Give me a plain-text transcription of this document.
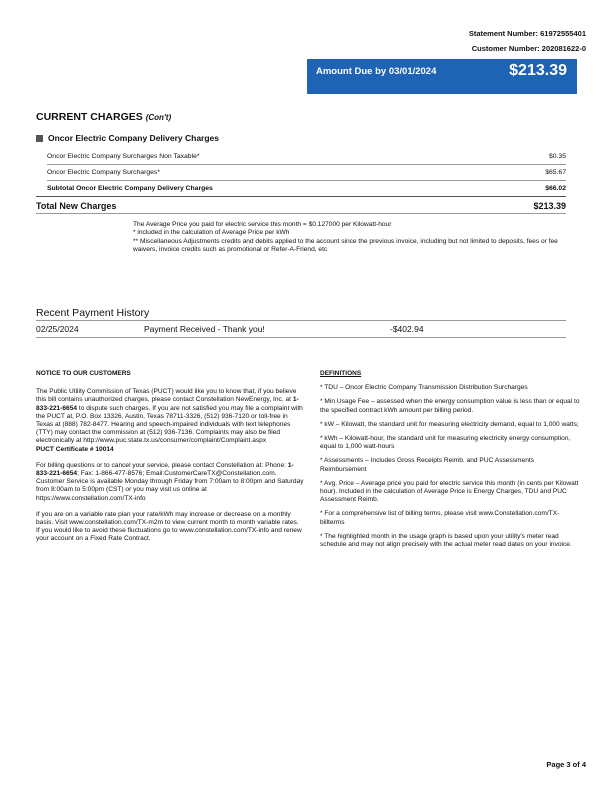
Statement Number: 61972555401
Customer Number: 202081622-0
Amount Due by 03/01/2024	$213.39
CURRENT CHARGES (Con't)
Oncor Electric Company Delivery Charges
Oncor Electric Company Surcharges Non Taxable*	$0.35
Oncor Electric Company Surcharges*	$65.67
Subtotal Oncor Electric Company Delivery Charges	$66.02
Total New Charges	$213.39
The Average Price you paid for electric service this month = $0.127000 per Kilowatt-hour
* included in the calculation of Average Price per kWh
** Miscellaneous Adjustments credits and debits applied to the account since the previous invoice, including but not limited to deposits, fees or fee waivers, invoice credits such as promotional or Refer-A-Friend, etc
Recent Payment History
02/25/2024	Payment Received - Thank you!	-$402.94

NOTICE TO OUR CUSTOMERS

The Public Utility Commission of Texas (PUCT) would like you to know that, if you believe this bill contains unauthorized charges, please contact Constellation NewEnergy, Inc. at 1-833-221-6654 to dispute such charges. If you are not satisfied you may file a complaint with the PUCT at, P.O. Box 13326, Austin, Texas 78711-3326, (512) 936-7120 or toll-free in Texas at (888) 782-8477. Hearing and speech-impaired individuals with text telephones (TTY) may contact the commission at (512) 936-7136. Complaints may also be filed electronically at http://www.puc.state.tx.us/consumer/complaint/Complaint.aspx
PUCT Certificate # 10014

For billing questions or to cancel your service, please contact Constellation at: Phone: 1-833-221-6654; Fax: 1-866-477-8576; Email:CustomerCareTX@Constellation.com. Customer Service is available Monday through Friday from 7:00am to 8:00pm and Saturday from 8:00am to 5:00pm (CST) or you may visit us online at https://www.constellation.com/TX-info

If you are on a variable rate plan your rate/kWh may increase or decrease on a monthly basis. Visit www.constellation.com/TX-m2m to view current month to month variable rates. If you would like to avoid these fluctuations go to www.constellation.com/TX-info and renew your account on a Fixed Rate Contract.

DEFINITIONS

* TDU – Oncor Electric Company Transmission Distribution Surcharges

* Min Usage Fee – assessed when the energy consumption value is less than or equal to the specified contract kWh amount per billing period.

* kW – Kilowatt, the standard unit for measuring electricity demand, equal to 1,000 watts;

* kWh – Kilowatt-hour, the standard unit for measuring electricity energy consumption, equal to 1,000 watt-hours

* Assessments – Includes Gross Receipts Reimb. and PUC Assessments Reimbursement

* Avg. Price – Average price you paid for electric service this month (in cents per Kilowatt hour). Included in the calculation of Average Price is Energy Charges, TDU and PUC Assessment Reimb.

* For a comprehensive list of billing terms, please visit www.Constellation.com/TX-billterms

* The highlighted month in the usage graph is based upon your utility's meter read schedule and may not align precisely with the actual meter read dates on your invoice.

Page 3 of 4
